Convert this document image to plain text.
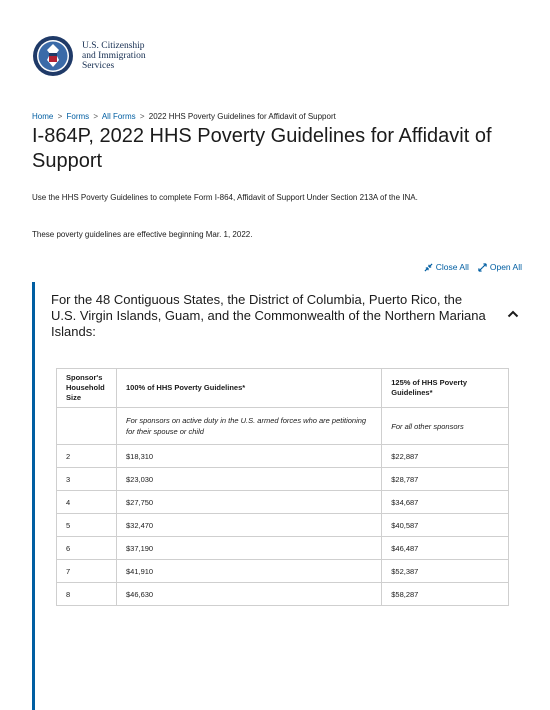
U.S. Citizenship
and Immigration
Services
Home > Forms > All Forms > 2022 HHS Poverty Guidelines for Affidavit of Support
I-864P, 2022 HHS Poverty Guidelines for Affidavit of Support

Use the HHS Poverty Guidelines to complete Form I-864, Affidavit of Support Under Section 213A of the INA.

These poverty guidelines are effective beginning Mar. 1, 2022.

Close All Open All
For the 48 Contiguous States, the District of Columbia, Puerto Rico, the U.S. Virgin Islands, Guam, and the Commonwealth of the Northern Mariana Islands:
Sponsor's Household Size	100% of HHS Poverty Guidelines*	125% of HHS Poverty Guidelines*
	For sponsors on active duty in the U.S. armed forces who are petitioning for their spouse or child	For all other sponsors
2	$18,310	$22,887
3	$23,030	$28,787
4	$27,750	$34,687
5	$32,470	$40,587
6	$37,190	$46,487
7	$41,910	$52,387
8	$46,630	$58,287
